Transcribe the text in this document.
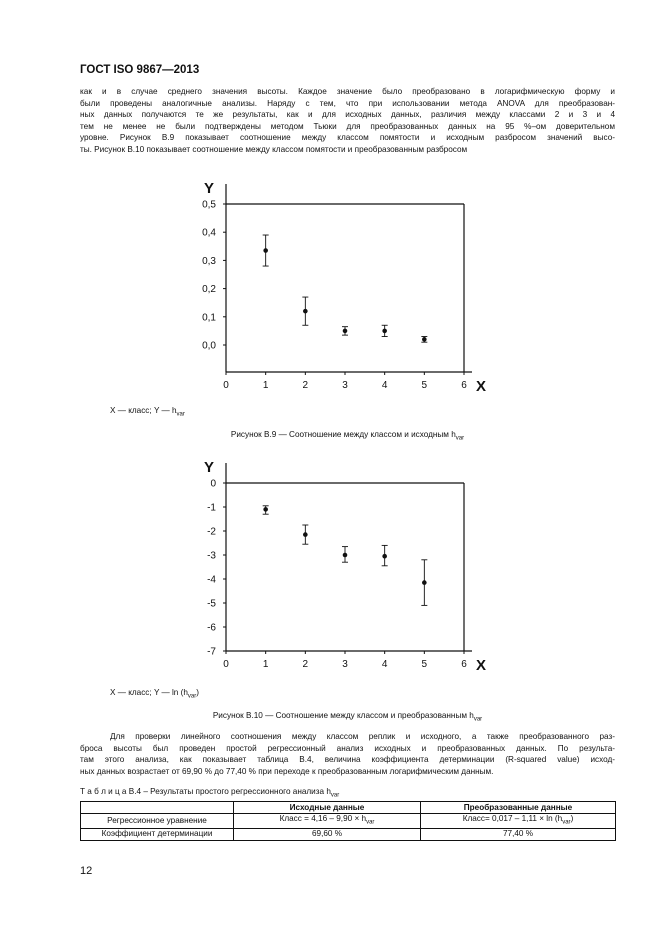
ГОСТ ISO 9867—2013
как и в случае среднего значения высоты. Каждое значение было преобразовано в логарифмическую форму и
были проведены аналогичные анализы. Наряду с тем, что при использовании метода ANOVA для преобразован-
ных данных получаются те же результаты, как и для исходных данных, различия между классами 2 и 3 и 4
тем не менее не были подтверждены методом Тьюки для преобразованных данных на 95 %–ом доверительном
уровне. Рисунок B.9 показывает соотношение между классом помятости и исходным разбросом значений высо-
ты. Рисунок B.10 показывает соотношение между классом помятости и преобразованным разбросом
0,5
0,4
0,3
0,2
0,1
0,0
0	1	2	3	4	5	6
Y
X
X — класс; Y — $h_{var}$
Рисунок B.9 — Соотношение между классом и исходным $h_{var}$
0
-1
-2
-3
-4
-5
-6
-7
0	1	2	3	4	5	6
Y
X
X — класс; Y — $\ln (h_{var})$
Рисунок B.10 — Соотношение между классом и преобразованным $h_{var}$
Для проверки линейного соотношения между классом реплик и исходного, а также преобразованного раз-
броса высоты был проведен простой регрессионный анализ исходных и преобразованных данных. По результа-
там этого анализа, как показывает таблица B.4, величина коэффициента детерминации (R-squared value) исход-
ных данных возрастает от 69,90 % до 77,40 % при переходе к преобразованным логарифмическим данным.
Т а б л и ц а B.4 – Результаты простого регрессионного анализа $h_{var}$
	Исходные данные	Преобразованные данные
Регрессионное уравнение	Класс = $4,16 - 9,90 \times h_{var}$	Класс= $0,017 - 1,11 \times \ln (h_{var})$
Коэффициент детерминации	69,60 %	77,40 %
12
